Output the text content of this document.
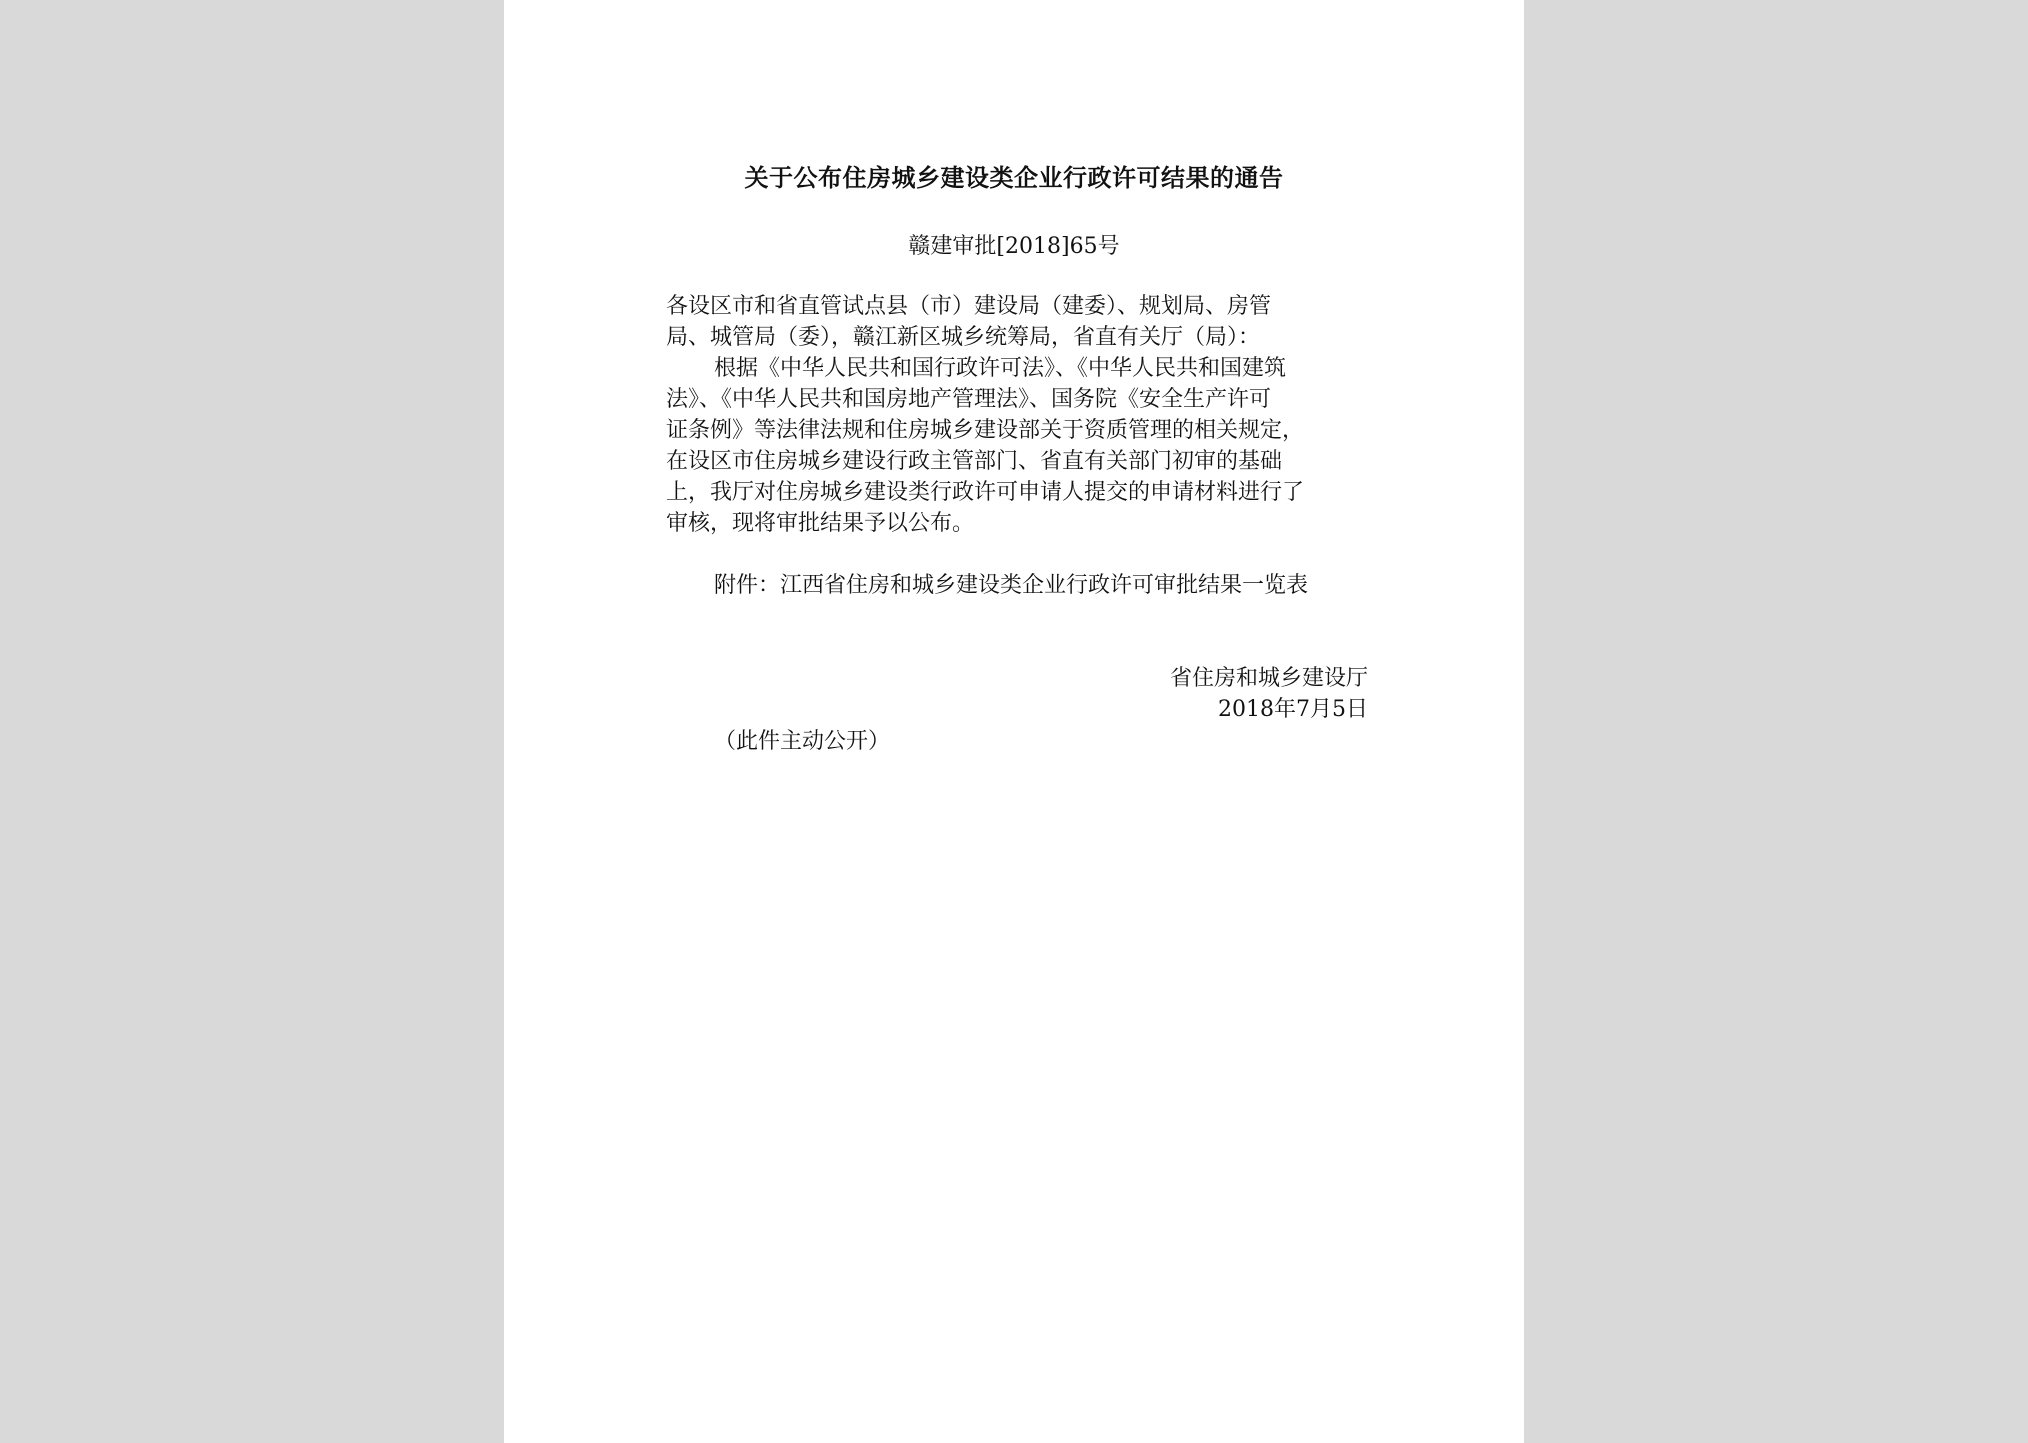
关于公布住房城乡建设类企业行政许可结果的通告
赣建审批[2018]65号
各设区市和省直管试点县（市）建设局（建委）、规划局、房管
局、城管局（委），赣江新区城乡统筹局，省直有关厅（局）：
根据《中华人民共和国行政许可法》、《中华人民共和国建筑
法》、《中华人民共和国房地产管理法》、国务院《安全生产许可
证条例》等法律法规和住房城乡建设部关于资质管理的相关规定，
在设区市住房城乡建设行政主管部门、省直有关部门初审的基础
上，我厅对住房城乡建设类行政许可申请人提交的申请材料进行了
审核，现将审批结果予以公布。
附件：江西省住房和城乡建设类企业行政许可审批结果一览表
省住房和城乡建设厅
2018年7月5日
（此件主动公开）
